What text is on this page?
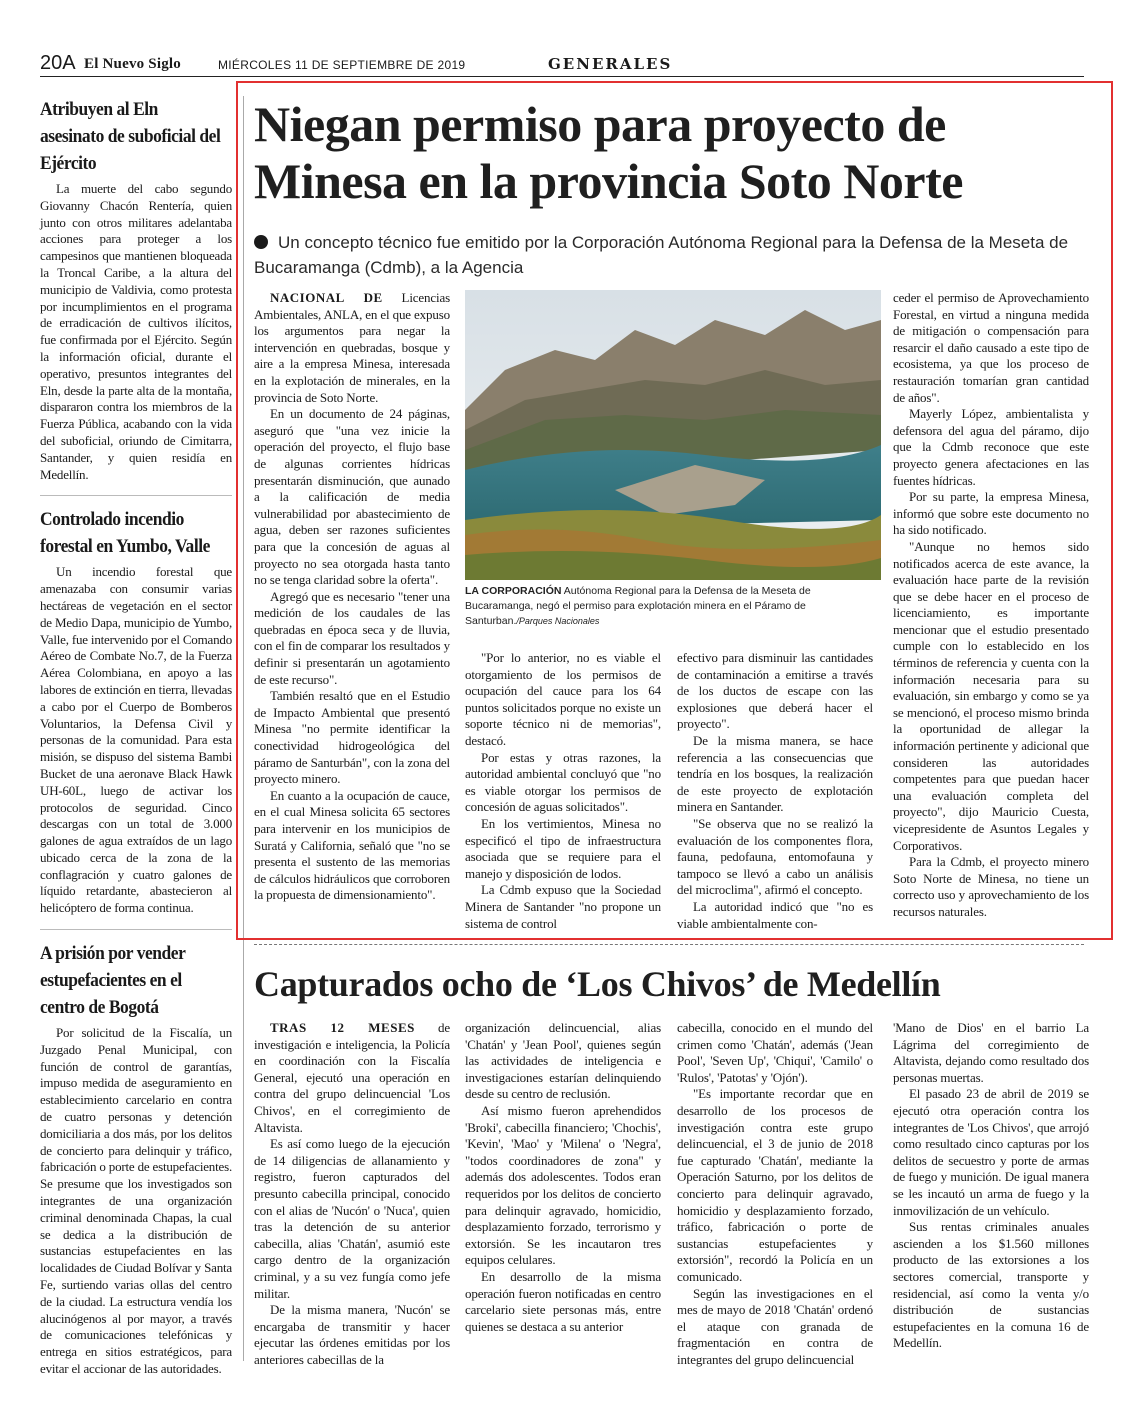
20A El Nuevo Siglo	MIÉRCOLES 11 DE SEPTIEMBRE DE 2019	GENERALES
Atribuyen al Eln asesinato de suboficial del Ejército

La muerte del cabo segundo Giovanny Chacón Rentería, quien junto con otros militares adelantaba acciones para proteger a los campesinos que mantienen bloqueada la Troncal Caribe, a la altura del municipio de Valdivia, como protesta por incumplimientos en el programa de erradicación de cultivos ilícitos, fue confirmada por el Ejército. Según la información oficial, durante el operativo, presuntos integrantes del Eln, desde la parte alta de la montaña, dispararon contra los miembros de la Fuerza Pública, acabando con la vida del suboficial, oriundo de Cimitarra, Santander, y quien residía en Medellín.

Controlado incendio forestal en Yumbo, Valle

Un incendio forestal que amenazaba con consumir varias hectáreas de vegetación en el sector de Medio Dapa, municipio de Yumbo, Valle, fue intervenido por el Comando Aéreo de Combate No.7, de la Fuerza Aérea Colombiana, en apoyo a las labores de extinción en tierra, llevadas a cabo por el Cuerpo de Bomberos Voluntarios, la Defensa Civil y personas de la comunidad. Para esta misión, se dispuso del sistema Bambi Bucket de una aeronave Black Hawk UH-60L, luego de activar los protocolos de seguridad. Cinco descargas con un total de 3.000 galones de agua extraídos de un lago ubicado cerca de la zona de la conflagración y cuatro galones de líquido retardante, abastecieron al helicóptero de forma continua.

A prisión por vender estupefacientes en el centro de Bogotá

Por solicitud de la Fiscalía, un Juzgado Penal Municipal, con función de control de garantías, impuso medida de aseguramiento en establecimiento carcelario en contra de cuatro personas y detención domiciliaria a dos más, por los delitos de concierto para delinquir y tráfico, fabricación o porte de estupefacientes. Se presume que los investigados son integrantes de una organización criminal denominada Chapas, la cual se dedica a la distribución de sustancias estupefacientes en las localidades de Ciudad Bolívar y Santa Fe, surtiendo varias ollas del centro de la ciudad. La estructura vendía los alucinógenos al por mayor, a través de comunicaciones telefónicas y entrega en sitios estratégicos, para evitar el accionar de las autoridades.

Niegan permiso para proyecto de Minesa en la provincia Soto Norte
Un concepto técnico fue emitido por la Corporación Autónoma Regional para la Defensa de la Meseta de Bucaramanga (Cdmb), a la Agencia

NACIONAL DE Licencias Ambientales, ANLA, en el que expuso los argumentos para negar la intervención en quebradas, bosque y aire a la empresa Minesa, interesada en la explotación de minerales, en la provincia de Soto Norte.

En un documento de 24 páginas, aseguró que "una vez inicie la operación del proyecto, el flujo base de algunas corrientes hídricas presentarán disminución, que aunado a la calificación de media vulnerabilidad por abastecimiento de agua, deben ser razones suficientes para que la concesión de aguas al proyecto no sea otorgada hasta tanto no se tenga claridad sobre la oferta".

Agregó que es necesario "tener una medición de los caudales de las quebradas en época seca y de lluvia, con el fin de comparar los resultados y definir si presentarán un agotamiento de este recurso".

También resaltó que en el Estudio de Impacto Ambiental que presentó Minesa "no permite identificar la conectividad hidrogeológica del páramo de Santurbán", con la zona del proyecto minero.

En cuanto a la ocupación de cauce, en el cual Minesa solicita 65 sectores para intervenir en los municipios de Suratá y California, señaló que "no se presenta el sustento de las memorias de cálculos hidráulicos que corroboren la propuesta de dimensionamiento".

LA CORPORACIÓN Autónoma Regional para la Defensa de la Meseta de Bucaramanga, negó el permiso para explotación minera en el Páramo de Santurban./Parques Nacionales

"Por lo anterior, no es viable el otorgamiento de los permisos de ocupación del cauce para los 64 puntos solicitados porque no existe un soporte técnico ni de memorias", destacó.

Por estas y otras razones, la autoridad ambiental concluyó que "no es viable otorgar los permisos de concesión de aguas solicitados".

En los vertimientos, Minesa no especificó el tipo de infraestructura asociada que se requiere para el manejo y disposición de lodos.

La Cdmb expuso que la Sociedad Minera de Santander "no propone un sistema de control

efectivo para disminuir las cantidades de contaminación a emitirse a través de los ductos de escape con las explosiones que deberá hacer el proyecto".

De la misma manera, se hace referencia a las consecuencias que tendría en los bosques, la realización de este proyecto de explotación minera en Santander.

"Se observa que no se realizó la evaluación de los componentes flora, fauna, pedofauna, entomofauna y tampoco se llevó a cabo un análisis del microclima", afirmó el concepto.

La autoridad indicó que "no es viable ambientalmente con-

ceder el permiso de Aprovechamiento Forestal, en virtud a ninguna medida de mitigación o compensación para resarcir el daño causado a este tipo de ecosistema, ya que los proceso de restauración tomarían gran cantidad de años".

Mayerly López, ambientalista y defensora del agua del páramo, dijo que la Cdmb reconoce que este proyecto genera afectaciones en las fuentes hídricas.

Por su parte, la empresa Minesa, informó que sobre este documento no ha sido notificado.

"Aunque no hemos sido notificados acerca de este avance, la evaluación hace parte de la revisión que se debe hacer en el proceso de licenciamiento, es importante mencionar que el estudio presentado cumple con lo establecido en los términos de referencia y cuenta con la información necesaria para su evaluación, sin embargo y como se ya se mencionó, el proceso mismo brinda la oportunidad de allegar la información pertinente y adicional que consideren las autoridades competentes para que puedan hacer una evaluación completa del proyecto", dijo Mauricio Cuesta, vicepresidente de Asuntos Legales y Corporativos.

Para la Cdmb, el proyecto minero Soto Norte de Minesa, no tiene un correcto uso y aprovechamiento de los recursos naturales.

Capturados ocho de ‘Los Chivos’ de Medellín

TRAS 12 MESES de investigación e inteligencia, la Policía en coordinación con la Fiscalía General, ejecutó una operación en contra del grupo delincuencial 'Los Chivos', en el corregimiento de Altavista.

Es así como luego de la ejecución de 14 diligencias de allanamiento y registro, fueron capturados del presunto cabecilla principal, conocido con el alias de 'Nucón' o 'Nuca', quien tras la detención de su anterior cabecilla, alias 'Chatán', asumió este cargo dentro de la organización criminal, y a su vez fungía como jefe militar.

De la misma manera, 'Nucón' se encargaba de transmitir y hacer ejecutar las órdenes emitidas por los anteriores cabecillas de la

organización delincuencial, alias 'Chatán' y 'Jean Pool', quienes según las actividades de inteligencia e investigaciones estarían delinquiendo desde su centro de reclusión.

Así mismo fueron aprehendidos 'Broki', cabecilla financiero; 'Chochis', 'Kevin', 'Mao' y 'Milena' o 'Negra', "todos coordinadores de zona" y además dos adolescentes. Todos eran requeridos por los delitos de concierto para delinquir agravado, homicidio, desplazamiento forzado, terrorismo y extorsión. Se les incautaron tres equipos celulares.

En desarrollo de la misma operación fueron notificadas en centro carcelario siete personas más, entre quienes se destaca a su anterior

cabecilla, conocido en el mundo del crimen como 'Chatán', además ('Jean Pool', 'Seven Up', 'Chiqui', 'Camilo' o 'Rulos', 'Patotas' y 'Ojón').

"Es importante recordar que en desarrollo de los procesos de investigación contra este grupo delincuencial, el 3 de junio de 2018 fue capturado 'Chatán', mediante la Operación Saturno, por los delitos de concierto para delinquir agravado, homicidio y desplazamiento forzado, tráfico, fabricación o porte de sustancias estupefacientes y extorsión", recordó la Policía en un comunicado.

Según las investigaciones en el mes de mayo de 2018 'Chatán' ordenó el ataque con granada de fragmentación en contra de integrantes del grupo delincuencial

'Mano de Dios' en el barrio La Lágrima del corregimiento de Altavista, dejando como resultado dos personas muertas.

El pasado 23 de abril de 2019 se ejecutó otra operación contra los integrantes de 'Los Chivos', que arrojó como resultado cinco capturas por los delitos de secuestro y porte de armas de fuego y munición. De igual manera se les incautó un arma de fuego y la inmovilización de un vehículo.

Sus rentas criminales anuales ascienden a los $1.560 millones producto de las extorsiones a los sectores comercial, transporte y residencial, así como la venta y/o distribución de sustancias estupefacientes en la comuna 16 de Medellín.
